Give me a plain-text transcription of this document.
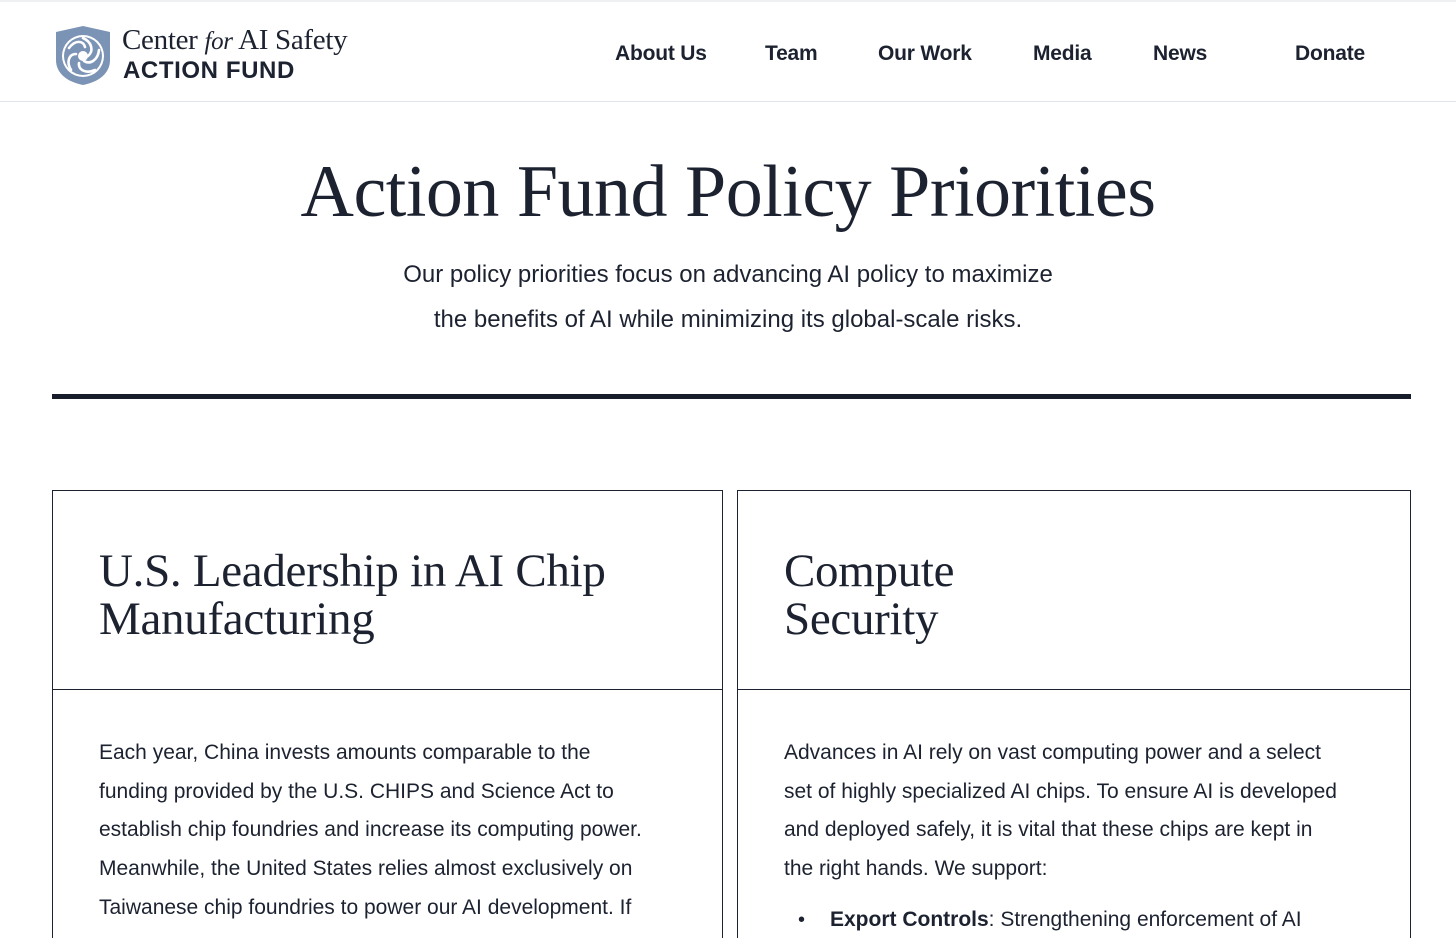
Center for AI Safety
ACTION FUND
About Us	Team	Our Work	Media	News	Donate
Action Fund Policy Priorities

Our policy priorities focus on advancing AI policy to maximize
the benefits of AI while minimizing its global-scale risks.

U.S. Leadership in AI Chip
Manufacturing

Each year, China invests amounts comparable to the
funding provided by the U.S. CHIPS and Science Act to
establish chip foundries and increase its computing power.
Meanwhile, the United States relies almost exclusively on
Taiwanese chip foundries to power our AI development. If

Compute
Security

Advances in AI rely on vast computing power and a select
set of highly specialized AI chips. To ensure AI is developed
and deployed safely, it is vital that these chips are kept in
the right hands. We support:

• Export Controls: Strengthening enforcement of AI
